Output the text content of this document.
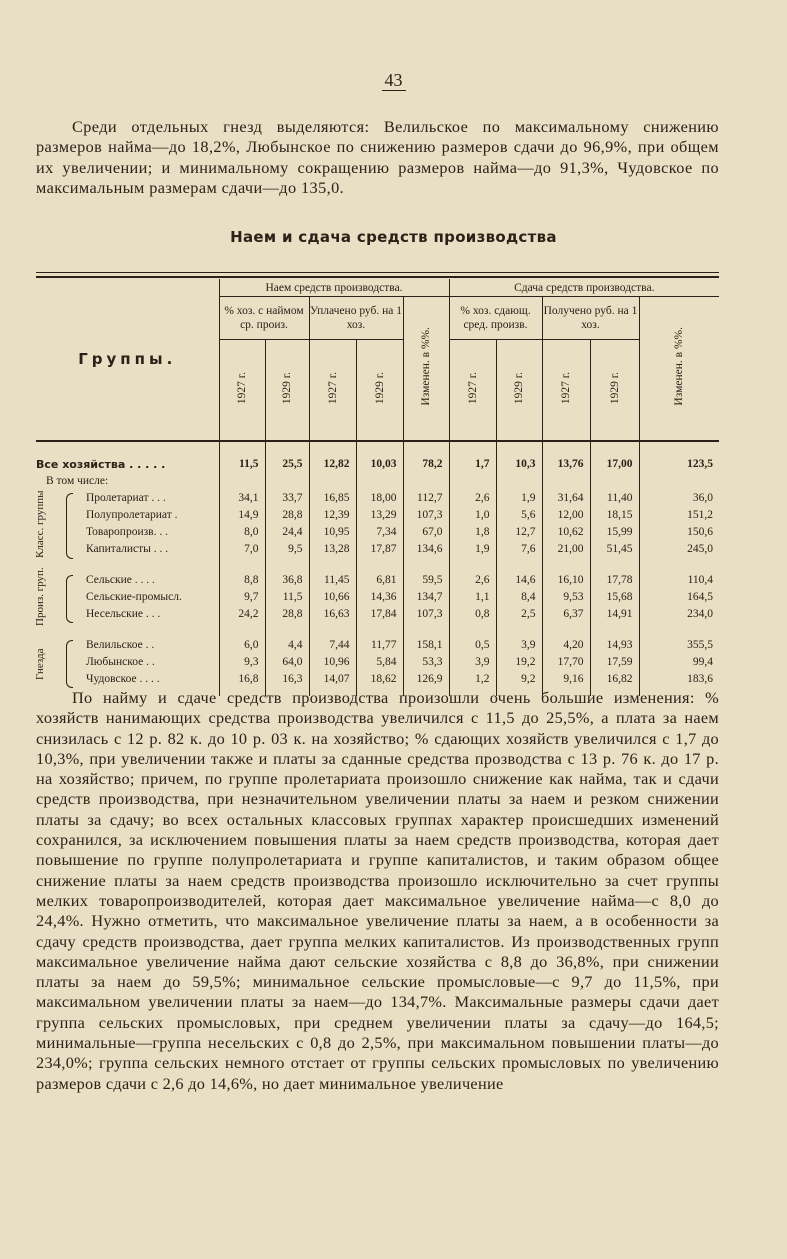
43

Среди отдельных гнезд выделяются: Велильское по максимальному снижению размеров найма—до 18,2%, Любынское по снижению размеров сдачи до 96,9%, при общем их увеличении; и минимальному сокращению размеров найма—до 91,3%, Чудовское по максимальным размерам сдачи—до 135,0.

Наем и сдача средств производства
Группы.	Наем средств производства.					Сдача средств производства.				
	% хоз. с наймом ср. произ.		Уплачено руб. на 1 хоз.		Изменен. в %%.	% хоз. сдающ. сред. произв.		Получено руб. на 1 хоз.		Изменен. в %%.
	1927 г.	1929 г.	1927 г.	1929 г.		1927 г.	1929 г.	1927 г.	1929 г.	

Все хозяйства . . . . .	11,5	25,5	12,82	10,03	78,2	1,7	10,3	13,76	17,00	123,5
В том числе:										

Класс. группы Пролетариат . . .	34,1	33,7	16,85	18,00	112,7	2,6	1,9	31,64	11,40	36,0
Полупролетариат .	14,9	28,8	12,39	13,29	107,3	1,0	5,6	12,00	18,15	151,2
Товаропроизв. . .	8,0	24,4	10,95	7,34	67,0	1,8	12,7	10,62	15,99	150,6
Капиталисты . . .	7,0	9,5	13,28	17,87	134,6	1,9	7,6	21,00	51,45	245,0

Произ. груп. Сельские . . . .	8,8	36,8	11,45	6,81	59,5	2,6	14,6	16,10	17,78	110,4
Сельские-промысл.	9,7	11,5	10,66	14,36	134,7	1,1	8,4	9,53	15,68	164,5
Несельские . . .	24,2	28,8	16,63	17,84	107,3	0,8	2,5	6,37	14,91	234,0

Гнезда
Велильское . .	6,0	4,4	7,44	11,77	158,1	0,5	3,9	4,20	14,93	355,5
Любынское . .	9,3	64,0	10,96	5,84	53,3	3,9	19,2	17,70	17,59	99,4
Чудовское . . . .	16,8	16,3	14,07	18,62	126,9	1,2	9,2	9,16	16,82	183,6

По найму и сдаче средств производства произошли очень большие изменения: % хозяйств нанимающих средства производства увеличился с 11,5 до 25,5%, а плата за наем снизилась с 12 р. 82 к. до 10 р. 03 к. на хозяйство; % сдающих хозяйств увеличился с 1,7 до 10,3%, при увеличении также и платы за сданные средства прозводства с 13 р. 76 к. до 17 р. на хозяйство; причем, по группе пролетариата произошло снижение как найма, так и сдачи средств производства, при незначительном увеличении платы за наем и резком снижении платы за сдачу; во всех остальных классовых группах характер происшедших изменений сохранился, за исключением повышения платы за наем средств производства, которая дает повышение по группе полупролетариата и группе капиталистов, и таким образом общее снижение платы за наем средств производства произошло исключительно за счет группы мелких товаропроизводителей, которая дает максимальное увеличение найма—с 8,0 до 24,4%. Нужно отметить, что максимальное увеличение платы за наем, а в особенности за сдачу средств производства, дает группа мелких капиталистов. Из производственных групп максимальное увеличение найма дают сельские хозяйства с 8,8 до 36,8%, при снижении платы за наем до 59,5%; минимальное сельские промысловые—с 9,7 до 11,5%, при максимальном увеличении платы за наем—до 134,7%. Максимальные размеры сдачи дает группа сельских промысловых, при среднем увеличении платы за сдачу—до 164,5; минимальные—группа несельских с 0,8 до 2,5%, при максимальном повышении платы—до 234,0%; группа сельских немного отстает от группы сельских промысловых по увеличению размеров сдачи с 2,6 до 14,6%, но дает минимальное увеличение
